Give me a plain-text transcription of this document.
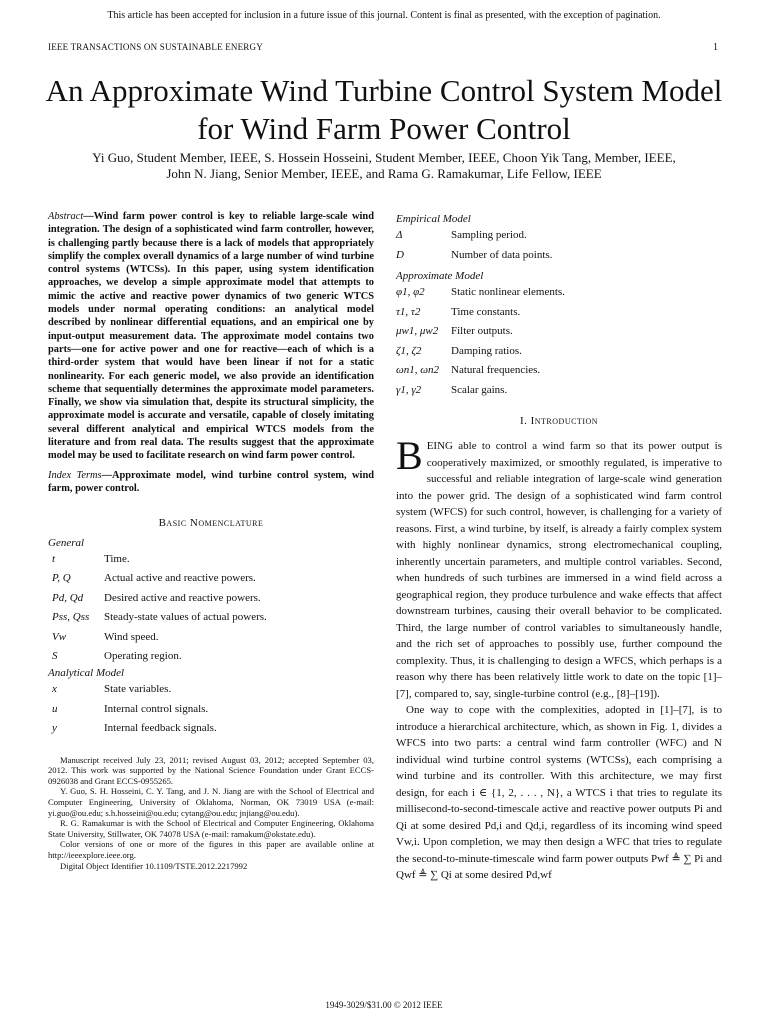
This article has been accepted for inclusion in a future issue of this journal. Content is final as presented, with the exception of pagination.
IEEE TRANSACTIONS ON SUSTAINABLE ENERGY	1
An Approximate Wind Turbine Control System Model for Wind Farm Power Control
Yi Guo, Student Member, IEEE, S. Hossein Hosseini, Student Member, IEEE, Choon Yik Tang, Member, IEEE,
John N. Jiang, Senior Member, IEEE, and Rama G. Ramakumar, Life Fellow, IEEE
Abstract—Wind farm power control is key to reliable large-scale wind integration. The design of a sophisticated wind farm controller, however, is challenging partly because there is a lack of models that appropriately simplify the complex overall dynamics of a large number of wind turbine control systems (WTCSs). In this paper, using system identification approaches, we develop a simple approximate model that attempts to mimic the active and reactive power dynamics of two generic WTCS models under normal operating conditions: an analytical model described by nonlinear differential equations, and an empirical one by input-output measurement data. The approximate model contains two parts—one for active power and one for reactive—each of which is a third-order system that would have been linear if not for a static nonlinearity. For each generic model, we also provide an identification scheme that sequentially determines the approximate model parameters. Finally, we show via simulation that, despite its structural simplicity, the approximate model is accurate and versatile, capable of closely imitating several different analytical and empirical WTCS models from the literature and from real data. The results suggest that the approximate model may be used to facilitate research on wind farm power control.
Index Terms—Approximate model, wind turbine control system, wind farm, power control.
Basic Nomenclature
General
t	Time.
P, Q	Actual active and reactive powers.
Pd, Qd	Desired active and reactive powers.
Pss, Qss	Steady-state values of actual powers.
Vw	Wind speed.
S	Operating region.
Analytical Model
x	State variables.
u	Internal control signals.
y	Internal feedback signals.

Manuscript received July 23, 2011; revised August 03, 2012; accepted September 03, 2012. This work was supported by the National Science Foundation under Grant ECCS-0926038 and Grant ECCS-0955265.

Y. Guo, S. H. Hosseini, C. Y. Tang, and J. N. Jiang are with the School of Electrical and Computer Engineering, University of Oklahoma, Norman, OK 73019 USA (e-mail: yi.guo@ou.edu; s.h.hosseini@ou.edu; cytang@ou.edu; jnjiang@ou.edu).

R. G. Ramakumar is with the School of Electrical and Computer Engineering, Oklahoma State University, Stillwater, OK 74078 USA (e-mail: ramakum@okstate.edu).

Color versions of one or more of the figures in this paper are available online at http://ieeexplore.ieee.org.

Digital Object Identifier 10.1109/TSTE.2012.2217992

Empirical Model
Δ	Sampling period.
D	Number of data points.
Approximate Model
φ1, φ2	Static nonlinear elements.
τ1, τ2	Time constants.
μw1, μw2	Filter outputs.
ζ1, ζ2	Damping ratios.
ωn1, ωn2	Natural frequencies.
γ1, γ2	Scalar gains.
I. Introduction
BEING able to control a wind farm so that its power output is cooperatively maximized, or smoothly regulated, is imperative to successful and reliable integration of large-scale wind generation into the power grid. The design of a sophisticated wind farm control system (WFCS) for such control, however, is challenging for a variety of reasons. First, a wind turbine, by itself, is already a fairly complex system with highly nonlinear dynamics, strong electromechanical coupling, inherently uncertain parameters, and multiple control variables. Second, when hundreds of such turbines are immersed in a wind field across a geographical region, they produce turbulence and wake effects that affect downstream turbines, causing their overall behavior to be complicated. Third, the large number of control variables to simultaneously handle, and the rich set of approaches to possibly use, further compound the complexity. Thus, it is challenging to design a WFCS, which perhaps is a reason why there has been relatively little work to date on the topic [1]–[7], compared to, say, single-turbine control (e.g., [8]–[19]).
One way to cope with the complexities, adopted in [1]–[7], is to introduce a hierarchical architecture, which, as shown in Fig. 1, divides a WFCS into two parts: a central wind farm controller (WFC) and N individual wind turbine control systems (WTCSs), each comprising a wind turbine and its controller. With this architecture, we may first design, for each i ∈ {1, 2, . . . , N}, a WTCS i that tries to regulate its millisecond-to-second-timescale active and reactive power outputs Pi and Qi at some desired Pd,i and Qd,i, regardless of its incoming wind speed Vw,i. Upon completion, we may then design a WFC that tries to regulate the second-to-minute-timescale wind farm power outputs Pwf ≜ ∑ Pi and Qwf ≜ ∑ Qi at some desired Pd,wf
1949-3029/$31.00 © 2012 IEEE
